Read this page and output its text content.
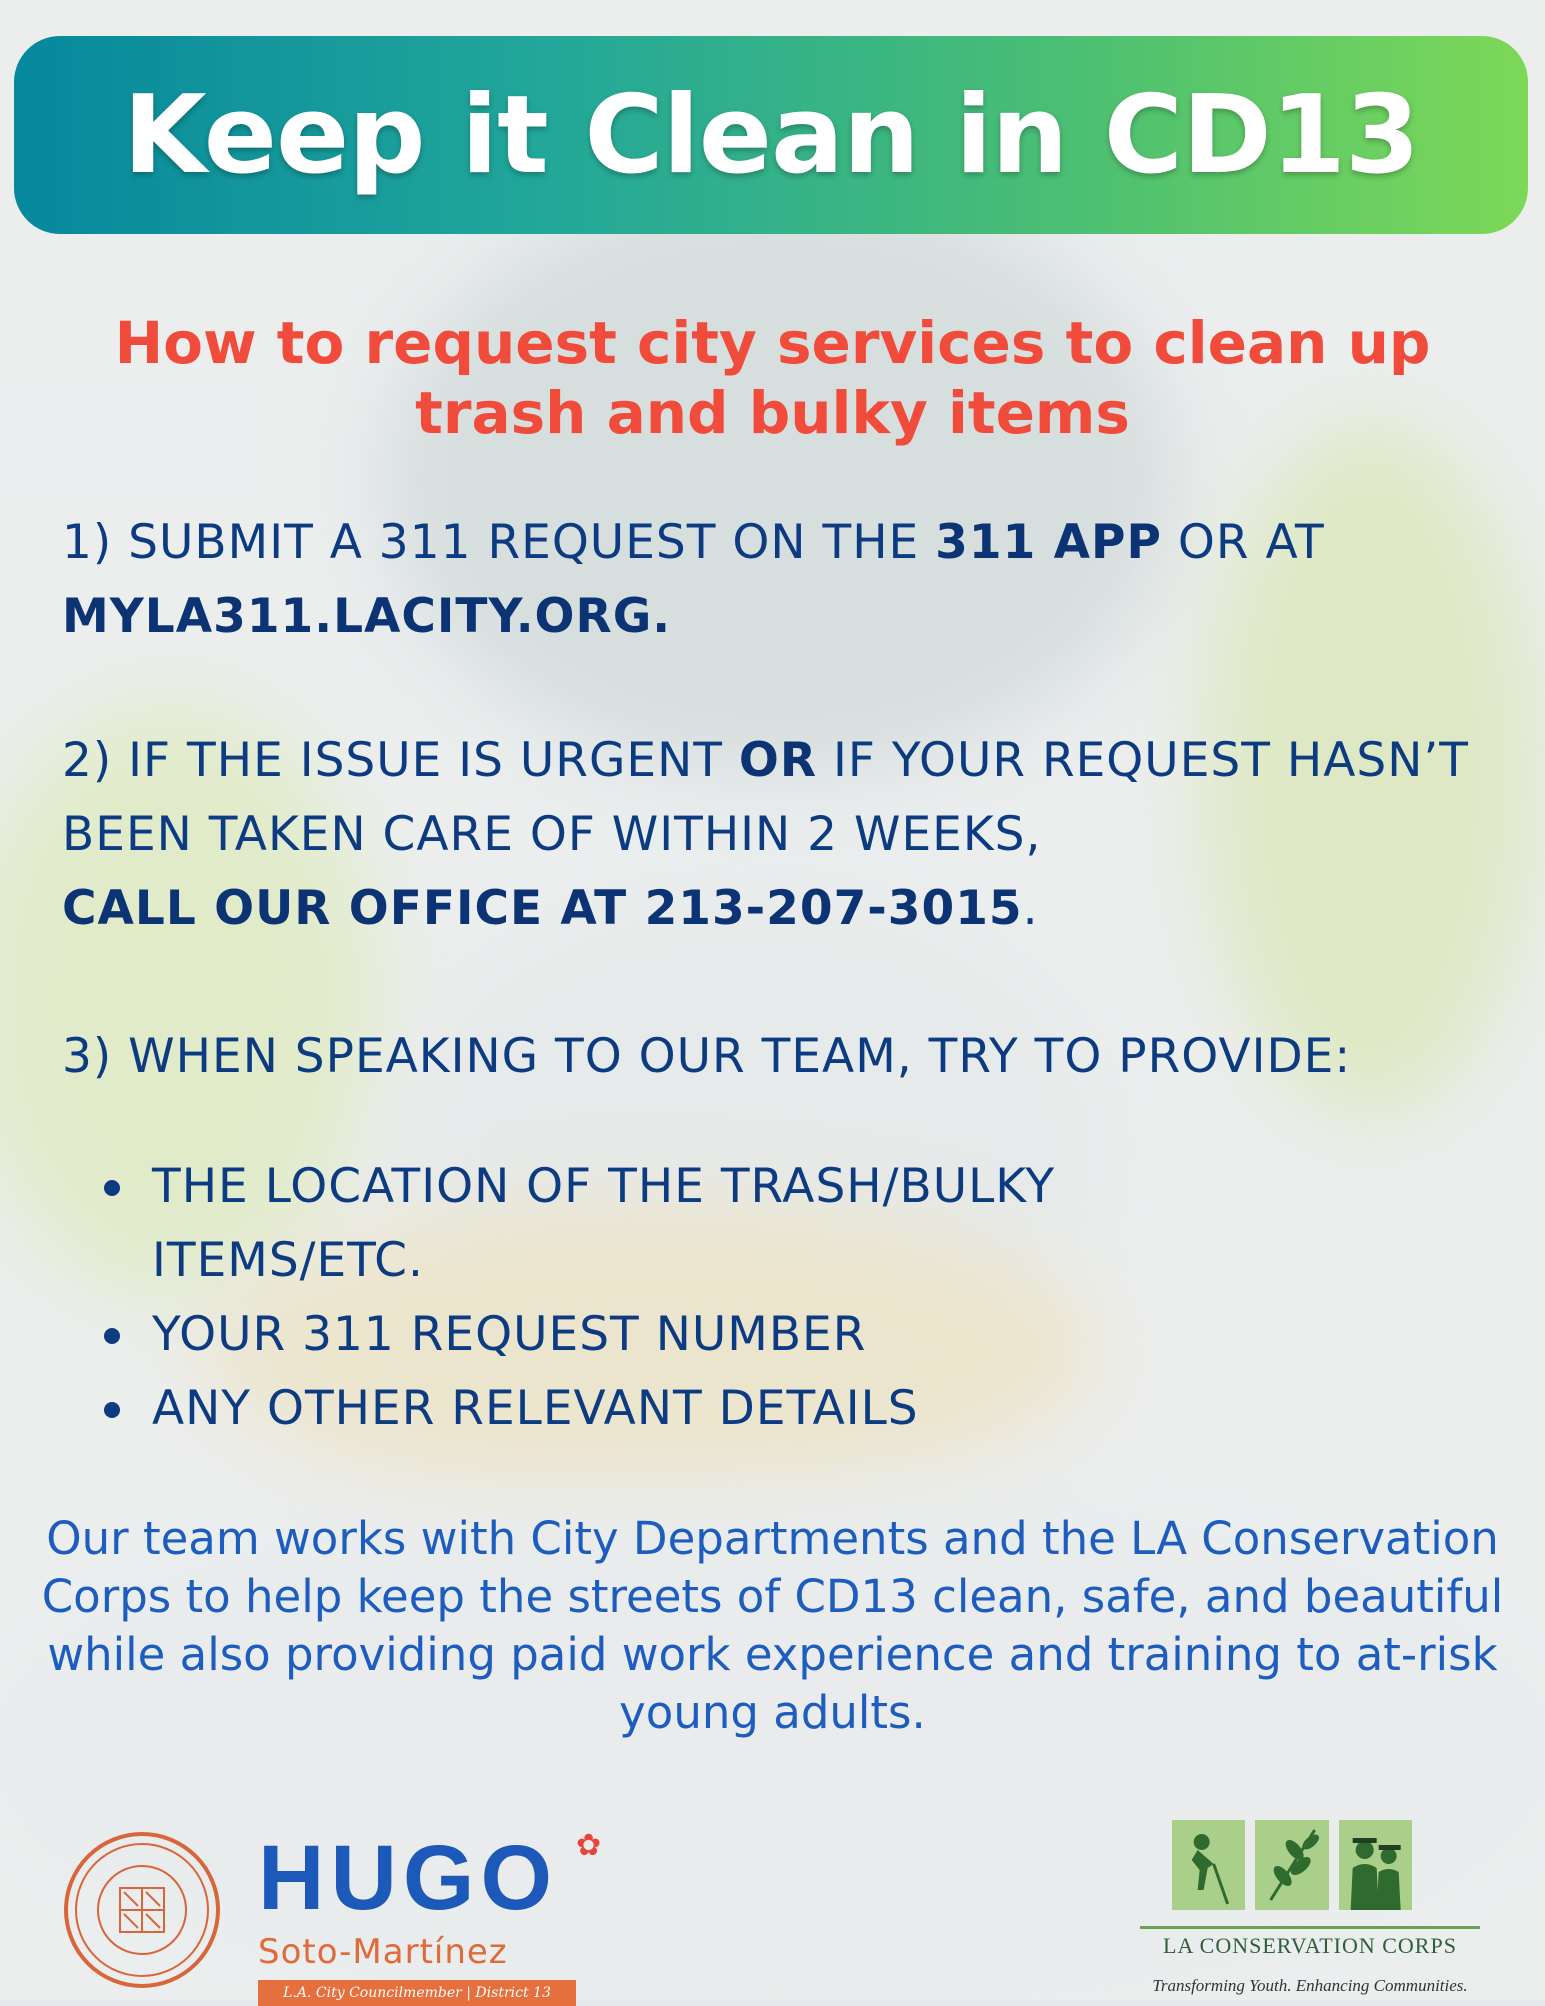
Keep it Clean in CD13

How to request city services to clean up trash and bulky items

1) SUBMIT A 311 REQUEST ON THE 311 APP OR AT
MYLA311.LACITY.ORG.

2) IF THE ISSUE IS URGENT OR IF YOUR REQUEST HASN’T BEEN TAKEN CARE OF WITHIN 2 WEEKS,
CALL OUR OFFICE AT 213-207-3015.

3) WHEN SPEAKING TO OUR TEAM, TRY TO PROVIDE:

THE LOCATION OF THE TRASH/BULKY ITEMS/ETC.
YOUR 311 REQUEST NUMBER
ANY OTHER RELEVANT DETAILS

Our team works with City Departments and the LA Conservation Corps to help keep the streets of CD13 clean, safe, and beautiful while also providing paid work experience and training to at-risk young adults.

HUGO ✿
Soto-Martínez
L.A. City Councilmember | District 13
LA CONSERVATION CORPS
Transforming Youth. Enhancing Communities.
